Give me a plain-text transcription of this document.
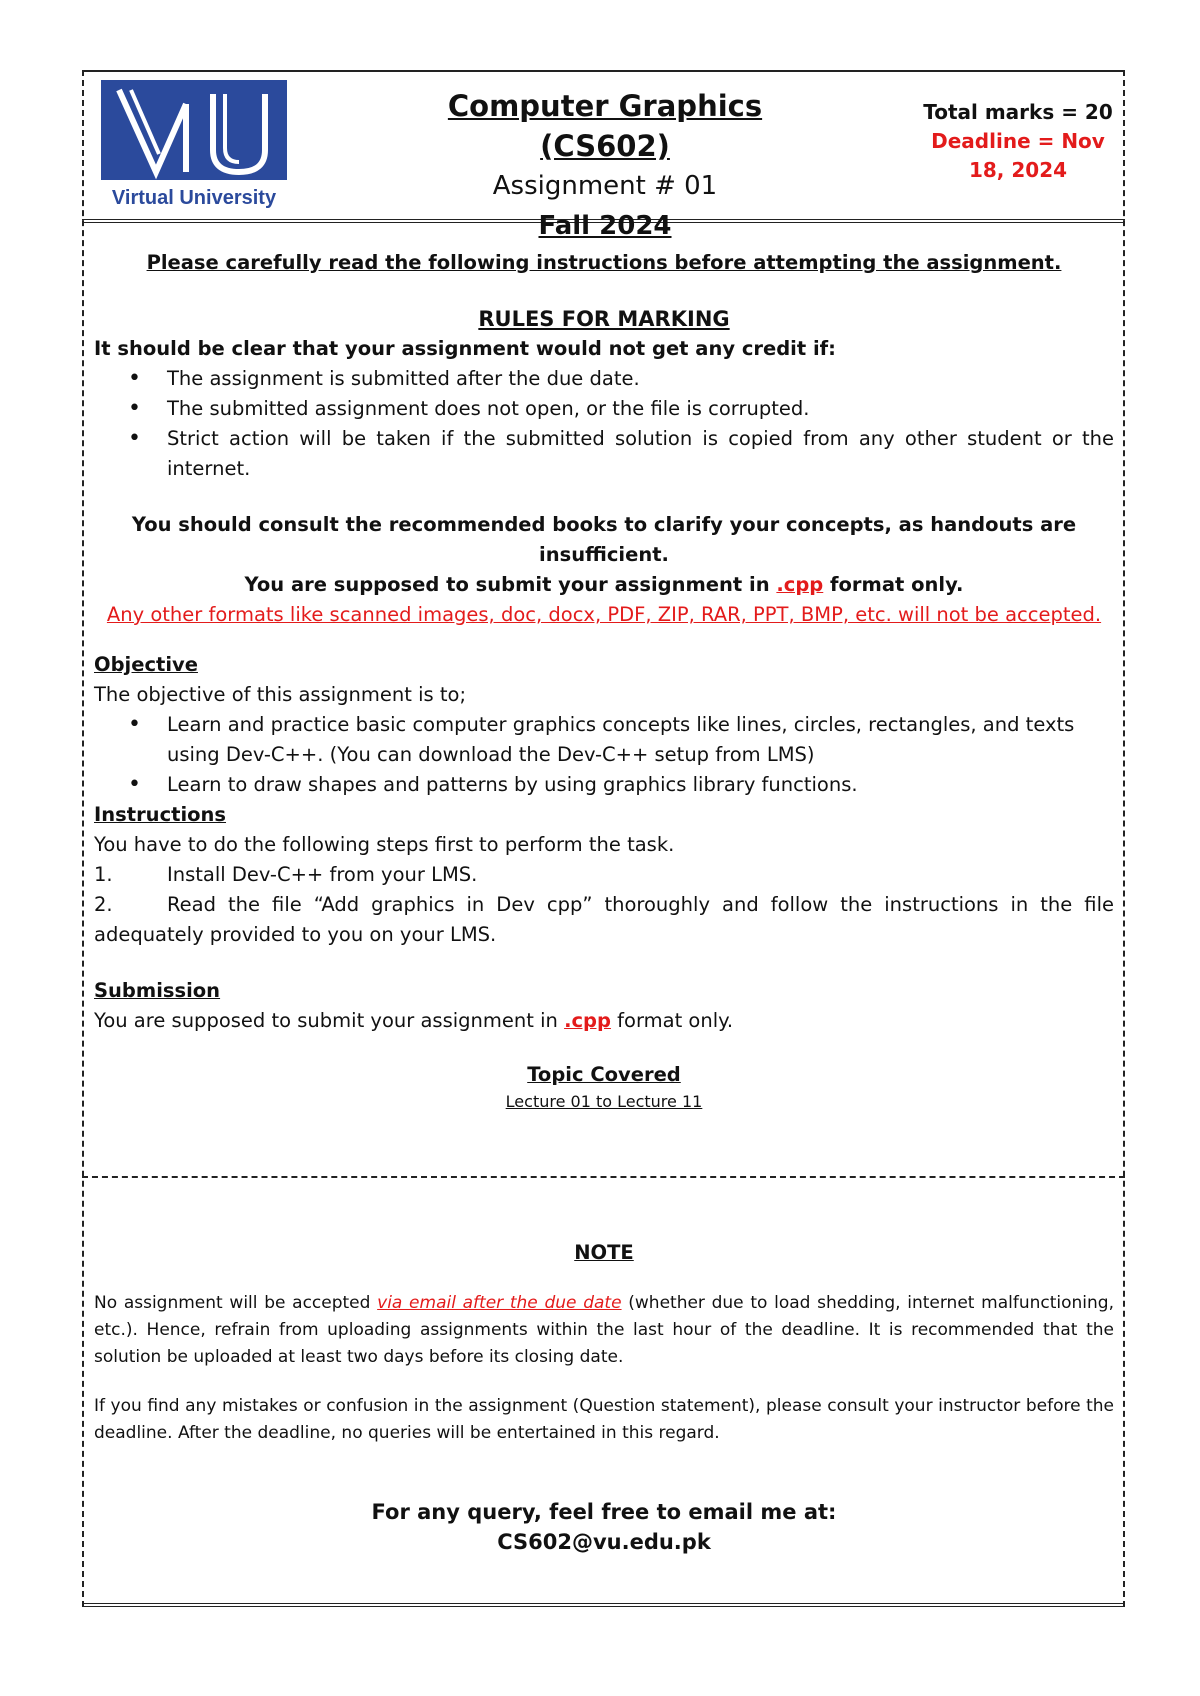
Virtual University

Computer Graphics (CS602)

Assignment # 01

Fall 2024

Total marks = 20
Deadline = Nov 18, 2024

Please carefully read the following instructions before attempting the assignment.

RULES FOR MARKING

It should be clear that your assignment would not get any credit if:

• The assignment is submitted after the due date.
• The submitted assignment does not open, or the file is corrupted.
• Strict action will be taken if the submitted solution is copied from any other student or the internet.

You should consult the recommended books to clarify your concepts, as handouts are insufficient.

You are supposed to submit your assignment in .cpp format only.

Any other formats like scanned images, doc, docx, PDF, ZIP, RAR, PPT, BMP, etc. will not be accepted.

Objective

The objective of this assignment is to;

• Learn and practice basic computer graphics concepts like lines, circles, rectangles, and texts using Dev-C++. (You can download the Dev-C++ setup from LMS)
• Learn to draw shapes and patterns by using graphics library functions.

Instructions

You have to do the following steps first to perform the task.

1.	Install Dev-C++ from your LMS.
2.	Read the file “Add graphics in Dev cpp” thoroughly and follow the instructions in the file adequately provided to you on your LMS.

Submission

You are supposed to submit your assignment in .cpp format only.

Topic Covered

Lecture 01 to Lecture 11

NOTE

No assignment will be accepted via email after the due date (whether due to load shedding, internet malfunctioning, etc.). Hence, refrain from uploading assignments within the last hour of the deadline. It is recommended that the solution be uploaded at least two days before its closing date.

If you find any mistakes or confusion in the assignment (Question statement), please consult your instructor before the deadline. After the deadline, no queries will be entertained in this regard.

For any query, feel free to email me at:

CS602@vu.edu.pk
